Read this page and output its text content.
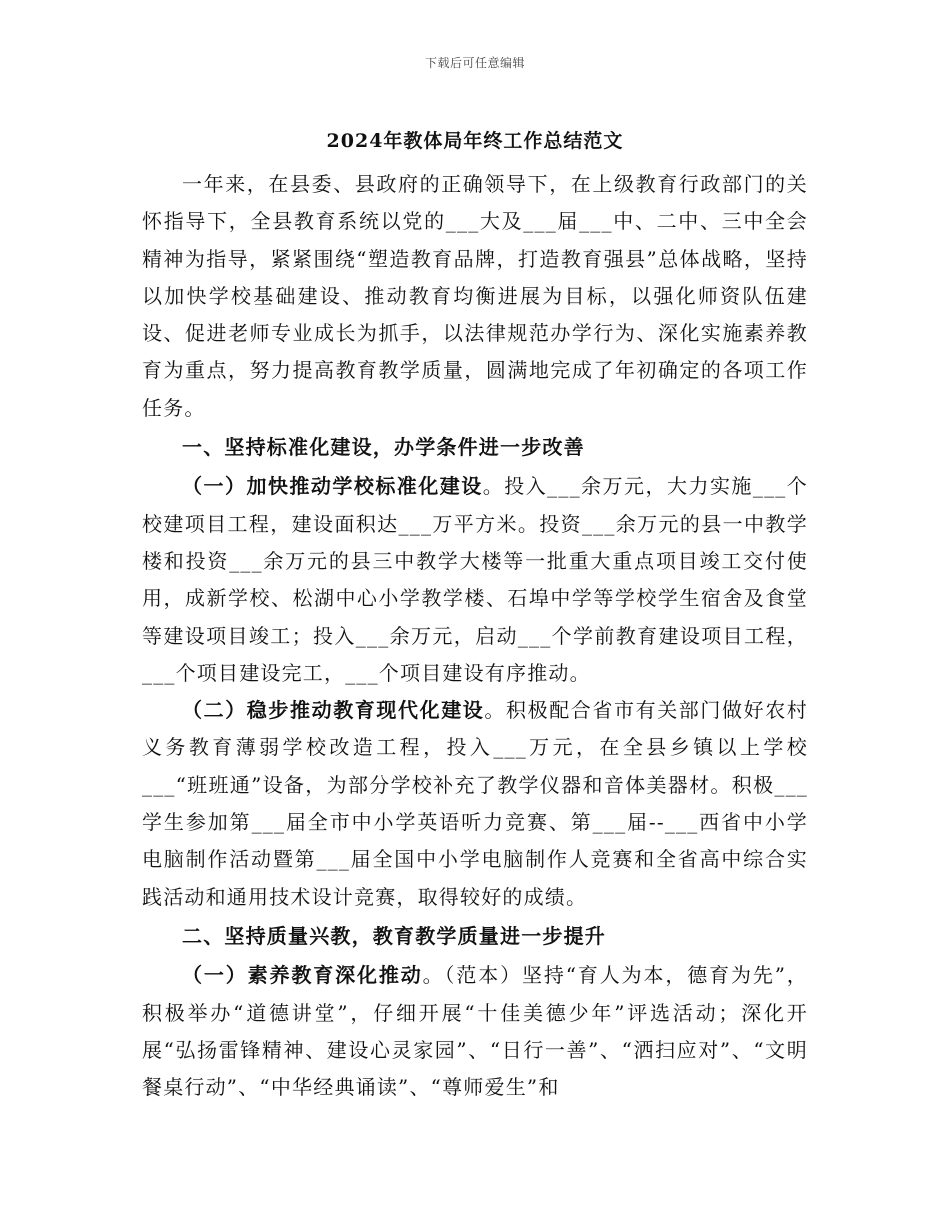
下载后可任意编辑
2024年教体局年终工作总结范文

一年来，在县委、县政府的正确领导下，在上级教育行政部门的关怀指导下，全县教育系统以党的___大及___届___中、二中、三中全会精神为指导，紧紧围绕“塑造教育品牌，打造教育强县”总体战略，坚持以加快学校基础建设、推动教育均衡进展为目标，以强化师资队伍建设、促进老师专业成长为抓手，以法律规范办学行为、深化实施素养教育为重点，努力提高教育教学质量，圆满地完成了年初确定的各项工作任务。

一、坚持标准化建设，办学条件进一步改善

（一）加快推动学校标准化建设。投入___余万元，大力实施___个校建项目工程，建设面积达___万平方米。投资___余万元的县一中教学楼和投资___余万元的县三中教学大楼等一批重大重点项目竣工交付使用，成新学校、松湖中心小学教学楼、石埠中学等学校学生宿舍及食堂等建设项目竣工；投入___余万元，启动___个学前教育建设项目工程，___个项目建设完工，___个项目建设有序推动。

（二）稳步推动教育现代化建设。积极配合省市有关部门做好农村义务教育薄弱学校改造工程，投入___万元，在全县乡镇以上学校___“班班通”设备，为部分学校补充了教学仪器和音体美器材。积极___学生参加第___届全市中小学英语听力竞赛、第___届--___西省中小学电脑制作活动暨第___届全国中小学电脑制作人竞赛和全省高中综合实践活动和通用技术设计竞赛，取得较好的成绩。

二、坚持质量兴教，教育教学质量进一步提升

（一）素养教育深化推动。（范本）坚持“育人为本，德育为先”，积极举办“道德讲堂”，仔细开展“十佳美德少年”评选活动；深化开展“弘扬雷锋精神、建设心灵家园”、“日行一善”、“洒扫应对”、“文明餐桌行动”、“中华经典诵读”、“尊师爱生”和
